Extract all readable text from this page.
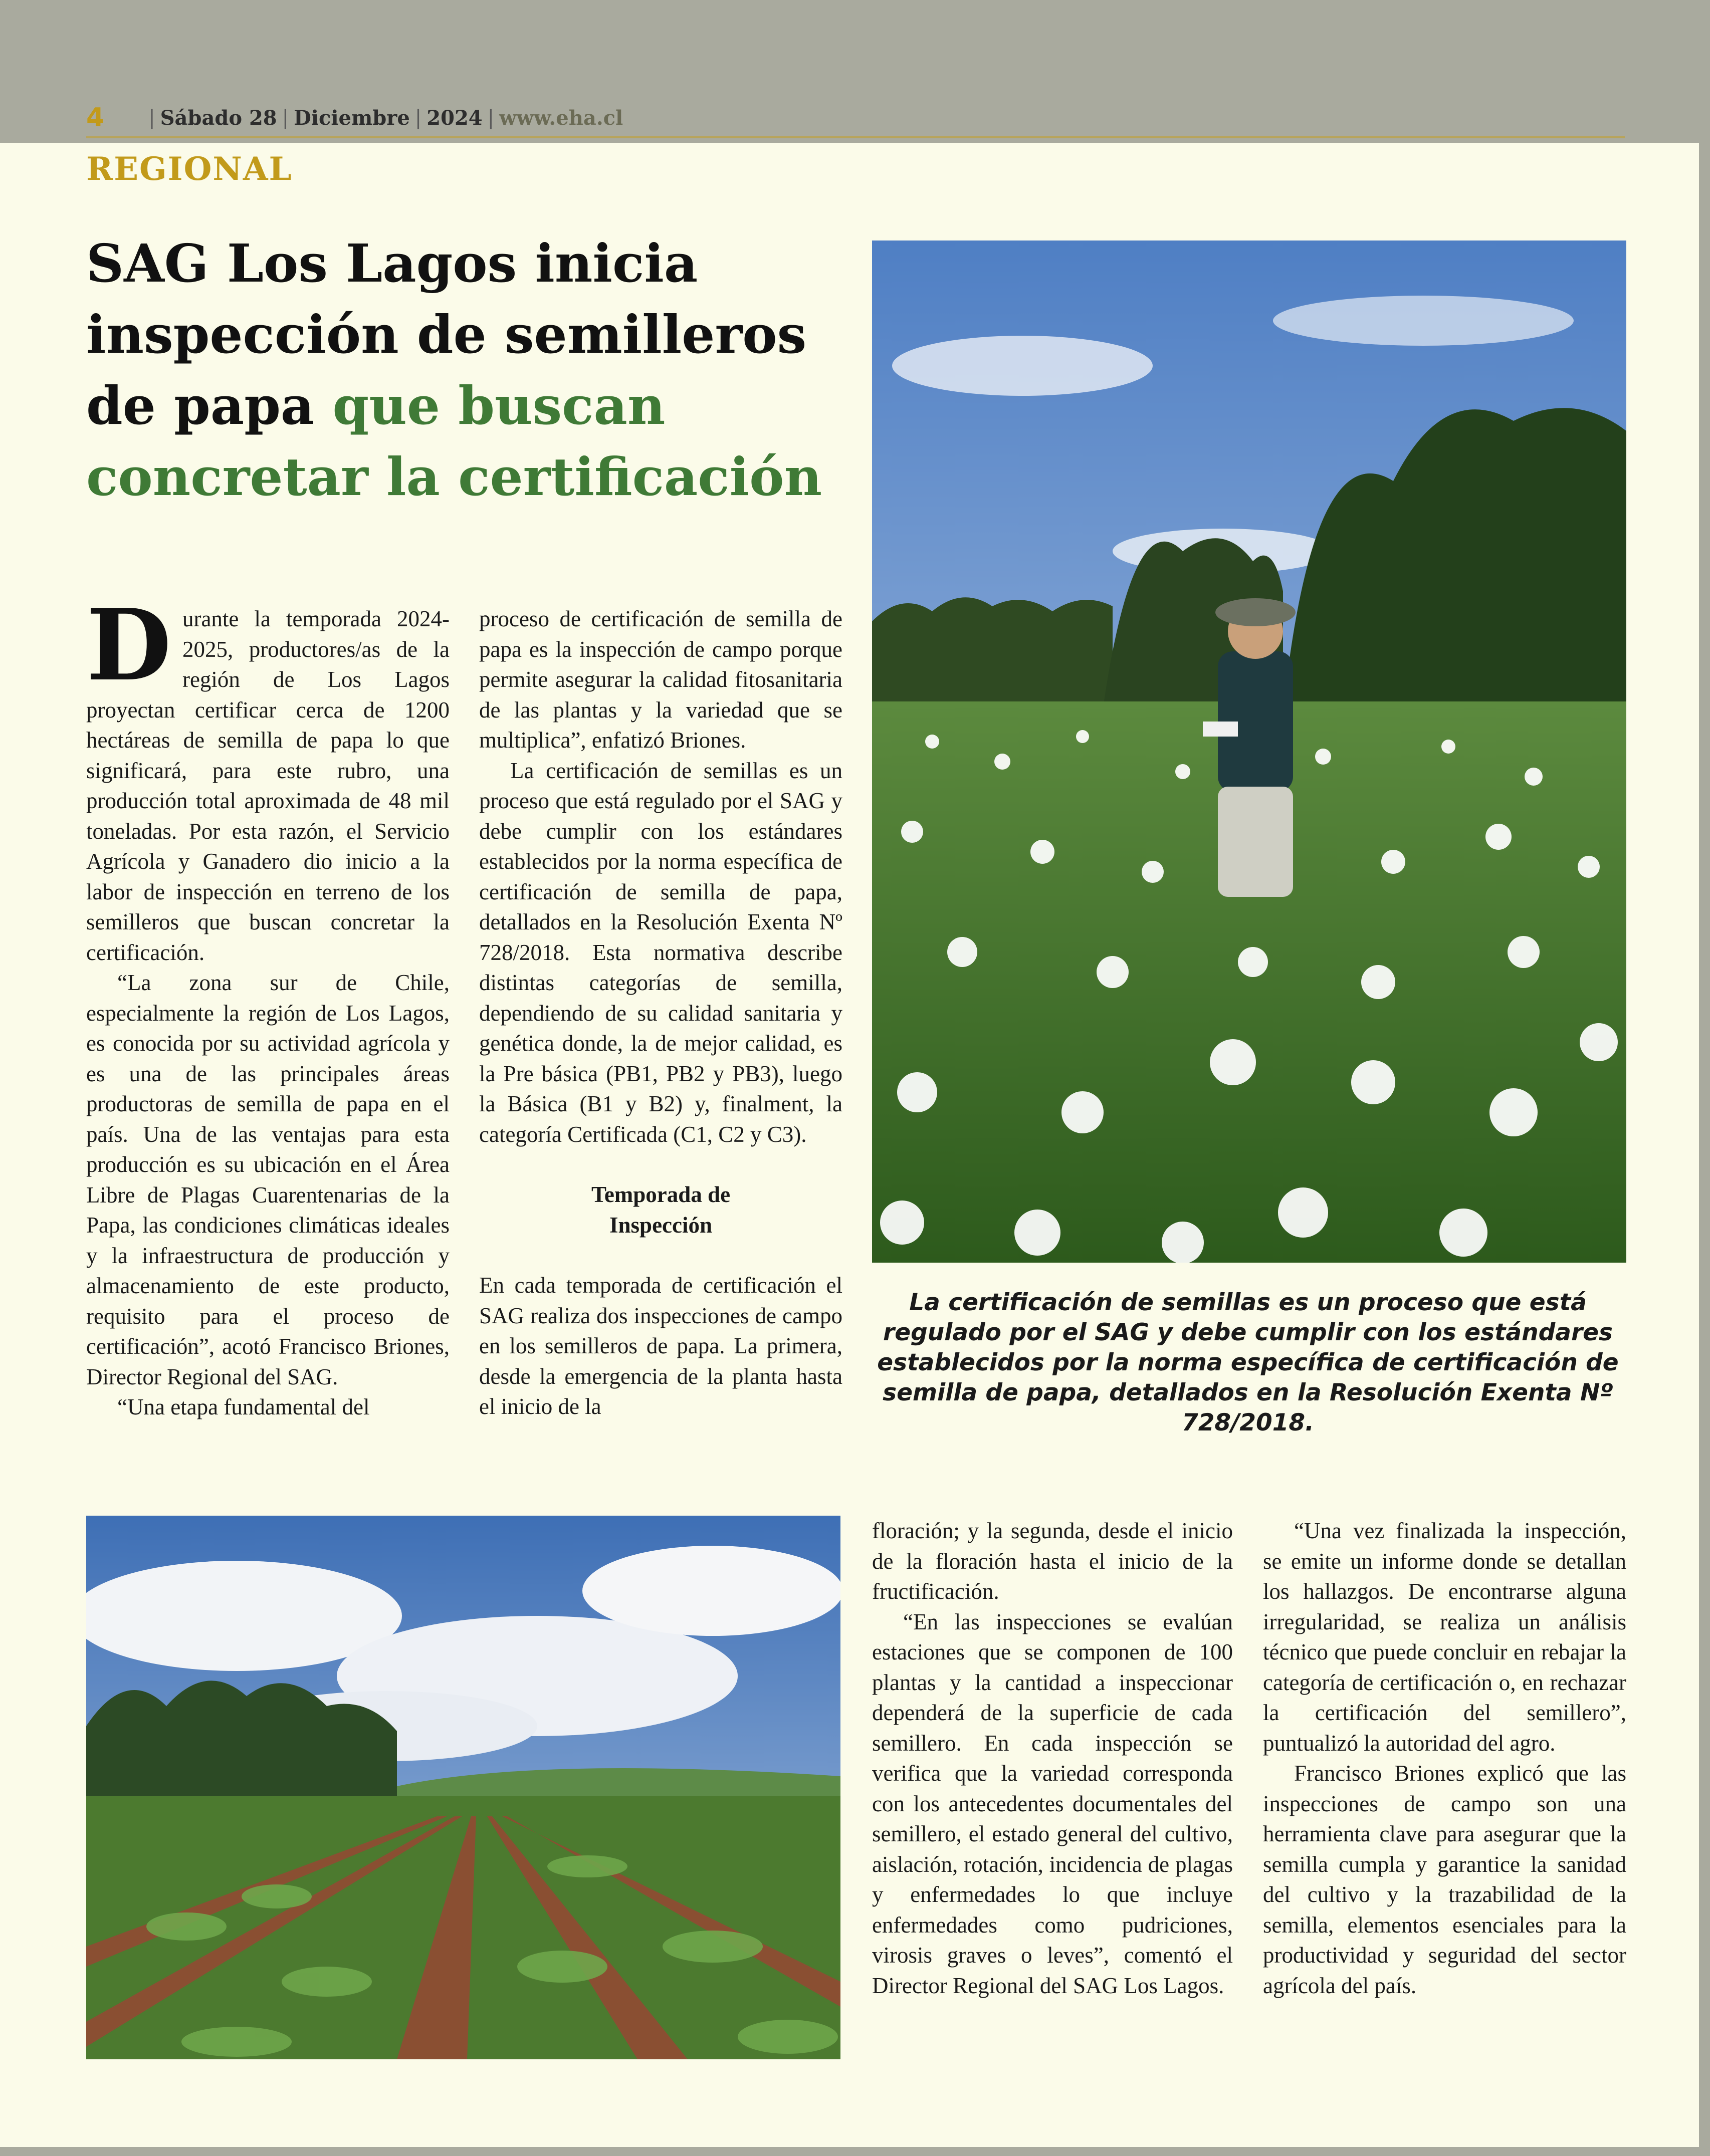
4 | Sábado 28 | Diciembre | 2024 | www.eha.cl
REGIONAL
SAG Los Lagos inicia inspección de semilleros de papa que buscan concretar la certificación
La certificación de semillas es un proceso que está regulado por el SAG y debe cumplir con los estándares establecidos por la norma específica de certificación de semilla de papa, detallados en la Resolución Exenta Nº 728/2018.

Durante la temporada 2024-2025, productores/as de la región de Los Lagos proyectan certificar cerca de 1200 hectáreas de semilla de papa lo que significará, para este rubro, una producción total aproximada de 48 mil toneladas. Por esta razón, el Servicio Agrícola y Ganadero dio inicio a la labor de inspección en terreno de los semilleros que buscan concretar la certificación.

“La zona sur de Chile, especialmente la región de Los Lagos, es conocida por su actividad agrícola y es una de las principales áreas productoras de semilla de papa en el país. Una de las ventajas para esta producción es su ubicación en el Área Libre de Plagas Cuarentenarias de la Papa, las condiciones climáticas ideales y la infraestructura de producción y almacenamiento de este producto, requisito para el proceso de certificación”, acotó Francisco Briones, Director Regional del SAG.

“Una etapa fundamental del

proceso de certificación de semilla de papa es la inspección de campo porque permite asegurar la calidad fitosanitaria de las plantas y la variedad que se multiplica”, enfatizó Briones.

La certificación de semillas es un proceso que está regulado por el SAG y debe cumplir con los estándares establecidos por la norma específica de certificación de semilla de papa, detallados en la Resolución Exenta Nº 728/2018. Esta normativa describe distintas categorías de semilla, dependiendo de su calidad sanitaria y genética donde, la de mejor calidad, es la Pre básica (PB1, PB2 y PB3), luego la Básica (B1 y B2) y, finalment, la categoría Certificada (C1, C2 y C3).

Temporada de Inspección

En cada temporada de certificación el SAG realiza dos inspecciones de campo en los semilleros de papa. La primera, desde la emergencia de la planta hasta el inicio de la

floración; y la segunda, desde el inicio de la floración hasta el inicio de la fructificación.

“En las inspecciones se evalúan estaciones que se componen de 100 plantas y la cantidad a inspeccionar dependerá de la superficie de cada semillero. En cada inspección se verifica que la variedad corresponda con los antecedentes documentales del semillero, el estado general del cultivo, aislación, rotación, incidencia de plagas y enfermedades lo que incluye enfermedades como pudriciones, virosis graves o leves”, comentó el Director Regional del SAG Los Lagos.

“Una vez finalizada la inspección, se emite un informe donde se detallan los hallazgos. De encontrarse alguna irregularidad, se realiza un análisis técnico que puede concluir en rebajar la categoría de certificación o, en rechazar la certificación del semillero”, puntualizó la autoridad del agro.

Francisco Briones explicó que las inspecciones de campo son una herramienta clave para asegurar que la semilla cumpla y garantice la sanidad del cultivo y la trazabilidad de la semilla, elementos esenciales para la productividad y seguridad del sector agrícola del país.
